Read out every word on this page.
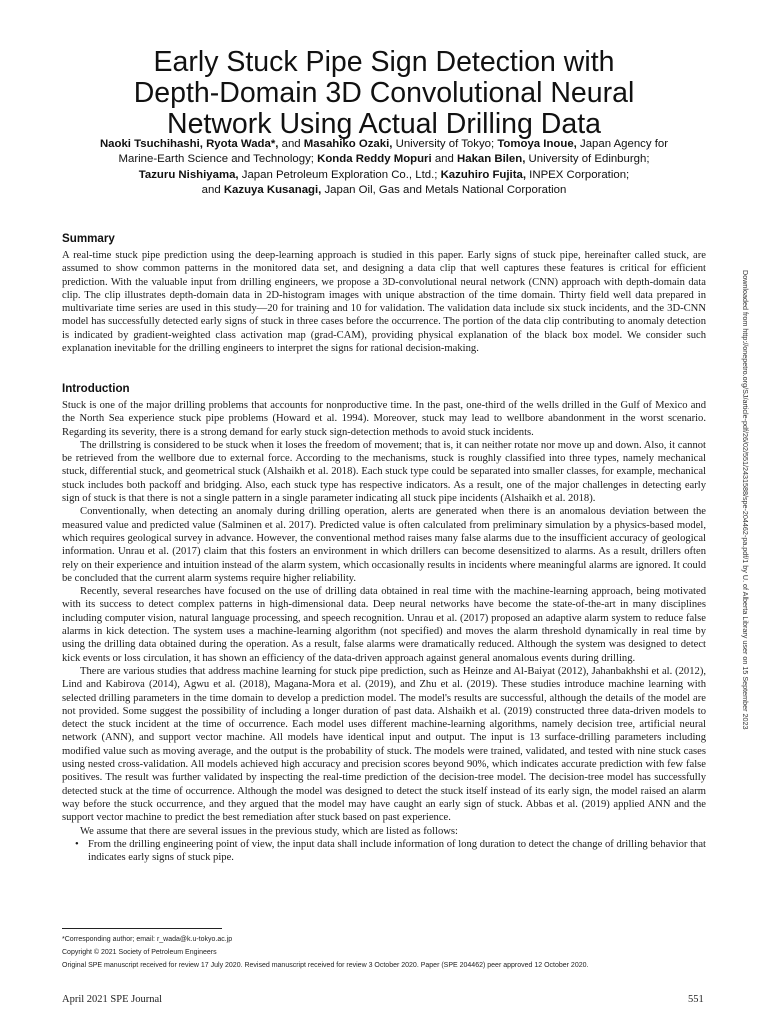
Early Stuck Pipe Sign Detection with
Depth-Domain 3D Convolutional Neural
Network Using Actual Drilling Data
Naoki Tsuchihashi, Ryota Wada*, and Masahiko Ozaki, University of Tokyo; Tomoya Inoue, Japan Agency for
Marine-Earth Science and Technology; Konda Reddy Mopuri and Hakan Bilen, University of Edinburgh;
Tazuru Nishiyama, Japan Petroleum Exploration Co., Ltd.; Kazuhiro Fujita, INPEX Corporation;
and Kazuya Kusanagi, Japan Oil, Gas and Metals National Corporation
Summary

A real-time stuck pipe prediction using the deep-learning approach is studied in this paper. Early signs of stuck pipe, hereinafter called stuck, are assumed to show common patterns in the monitored data set, and designing a data clip that well captures these features is critical for efficient prediction. With the valuable input from drilling engineers, we propose a 3D-convolutional neural network (CNN) approach with depth-domain data clip. The clip illustrates depth-domain data in 2D-histogram images with unique abstraction of the time domain. Thirty field well data prepared in multivariate time series are used in this study—20 for training and 10 for validation. The validation data include six stuck incidents, and the 3D-CNN model has successfully detected early signs of stuck in three cases before the occurrence. The portion of the data clip contributing to anomaly detection is indicated by gradient-weighted class activation map (grad-CAM), providing physical explanation of the black box model. We consider such explanation inevitable for the drilling engineers to interpret the signs for rational decision-making.

Introduction

Stuck is one of the major drilling problems that accounts for nonproductive time. In the past, one-third of the wells drilled in the Gulf of Mexico and the North Sea experience stuck pipe problems (Howard et al. 1994). Moreover, stuck may lead to wellbore abandonment in the worst scenario. Regarding its severity, there is a strong demand for early stuck sign-detection methods to avoid stuck incidents.

The drillstring is considered to be stuck when it loses the freedom of movement; that is, it can neither rotate nor move up and down. Also, it cannot be retrieved from the wellbore due to external force. According to the mechanisms, stuck is roughly classified into three types, namely mechanical stuck, differential stuck, and geometrical stuck (Alshaikh et al. 2018). Each stuck type could be separated into smaller classes, for example, mechanical stuck includes both packoff and bridging. Also, each stuck type has respective indicators. As a result, one of the major challenges in detecting early sign of stuck is that there is not a single pattern in a single parameter indicating all stuck pipe incidents (Alshaikh et al. 2018).

Conventionally, when detecting an anomaly during drilling operation, alerts are generated when there is an anomalous deviation between the measured value and predicted value (Salminen et al. 2017). Predicted value is often calculated from preliminary simulation by a physics-based model, which requires geological survey in advance. However, the conventional method raises many false alarms due to the insufficient accuracy of geological information. Unrau et al. (2017) claim that this fosters an environment in which drillers can become desensitized to alarms. As a result, drillers often rely on their experience and intuition instead of the alarm system, which occasionally results in incidents where meaningful alarms are ignored. It could be concluded that the current alarm systems require higher reliability.

Recently, several researches have focused on the use of drilling data obtained in real time with the machine-learning approach, being motivated with its success to detect complex patterns in high-dimensional data. Deep neural networks have become the state-of-the-art in many disciplines including computer vision, natural language processing, and speech recognition. Unrau et al. (2017) proposed an adaptive alarm system to reduce false alarms in kick detection. The system uses a machine-learning algorithm (not specified) and moves the alarm threshold dynamically in real time by using the drilling data obtained during the operation. As a result, false alarms were dramatically reduced. Although the system was designed to detect kick events or loss circulation, it has shown an efficiency of the data-driven approach against general anomalous events during drilling.

There are various studies that address machine learning for stuck pipe prediction, such as Heinze and Al-Baiyat (2012), Jahanbakhshi et al. (2012), Lind and Kabirova (2014), Agwu et al. (2018), Magana-Mora et al. (2019), and Zhu et al. (2019). These studies introduce machine learning with selected drilling parameters in the time domain to develop a prediction model. The model's results are successful, although the details of the model are not provided. Some suggest the possibility of including a longer duration of past data. Alshaikh et al. (2019) constructed three data-driven models to detect the stuck incident at the time of occurrence. Each model uses different machine-learning algorithms, namely decision tree, artificial neural network (ANN), and support vector machine. All models have identical input and output. The input is 13 surface-drilling parameters including modified value such as moving average, and the output is the probability of stuck. The models were trained, validated, and tested with nine stuck cases using nested cross-validation. All models achieved high accuracy and precision scores beyond 90%, which indicates accurate prediction with few false positives. The result was further validated by inspecting the real-time prediction of the decision-tree model. The decision-tree model has successfully detected stuck at the time of occurrence. Although the model was designed to detect the stuck itself instead of its early sign, the model raised an alarm way before the stuck occurrence, and they argued that the model may have caught an early sign of stuck. Abbas et al. (2019) applied ANN and the support vector machine to predict the best remediation after stuck based on past experience.

We assume that there are several issues in the previous study, which are listed as follows:

• From the drilling engineering point of view, the input data shall include information of long duration to detect the change of drilling behavior that indicates early signs of stuck pipe.

Downloaded from http://onepetro.org/SJ/article-pdf/26/02/551/2431588/spe-204462-pa.pdf/1 by U. of Alberta Library user on 15 September 2023
*Corresponding author; email: r_wada@k.u-tokyo.ac.jp
Copyright © 2021 Society of Petroleum Engineers
Original SPE manuscript received for review 17 July 2020. Revised manuscript received for review 3 October 2020. Paper (SPE 204462) peer approved 12 October 2020.
April 2021 SPE Journal	551
